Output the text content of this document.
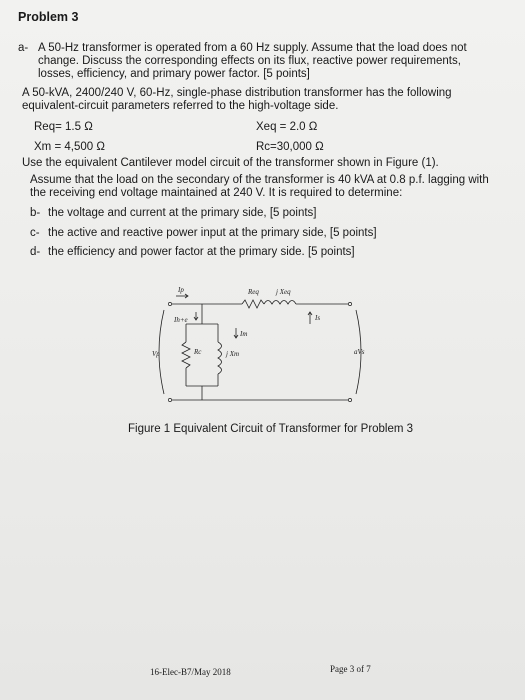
Problem 3
a- A 50-Hz transformer is operated from a 60 Hz supply. Assume that the load does not
change. Discuss the corresponding effects on its flux, reactive power requirements,
losses, efficiency, and primary power factor. [5 points]
A 50-kVA, 2400/240 V, 60-Hz, single-phase distribution transformer has the following
equivalent-circuit parameters referred to the high-voltage side.
Req= 1.5 Ω	Xeq = 2.0 Ω
Xm = 4,500 Ω	Rc=30,000 Ω
Use the equivalent Cantilever model circuit of the transformer shown in Figure (1).
Assume that the load on the secondary of the transformer is 40 kVA at 0.8 p.f. lagging with
the receiving end voltage maintained at 240 V. It is required to determine:
b- the voltage and current at the primary side, [5 points]
c- the active and reactive power input at the primary side, [5 points]
d- the efficiency and power factor at the primary side. [5 points]
Ip	Req j Xeq
Ih+e
Im
Is
Vp	Rc	j Xm	aVs
Figure 1 Equivalent Circuit of Transformer for Problem 3
16-Elec-B7/May 2018	Page 3 of 7
